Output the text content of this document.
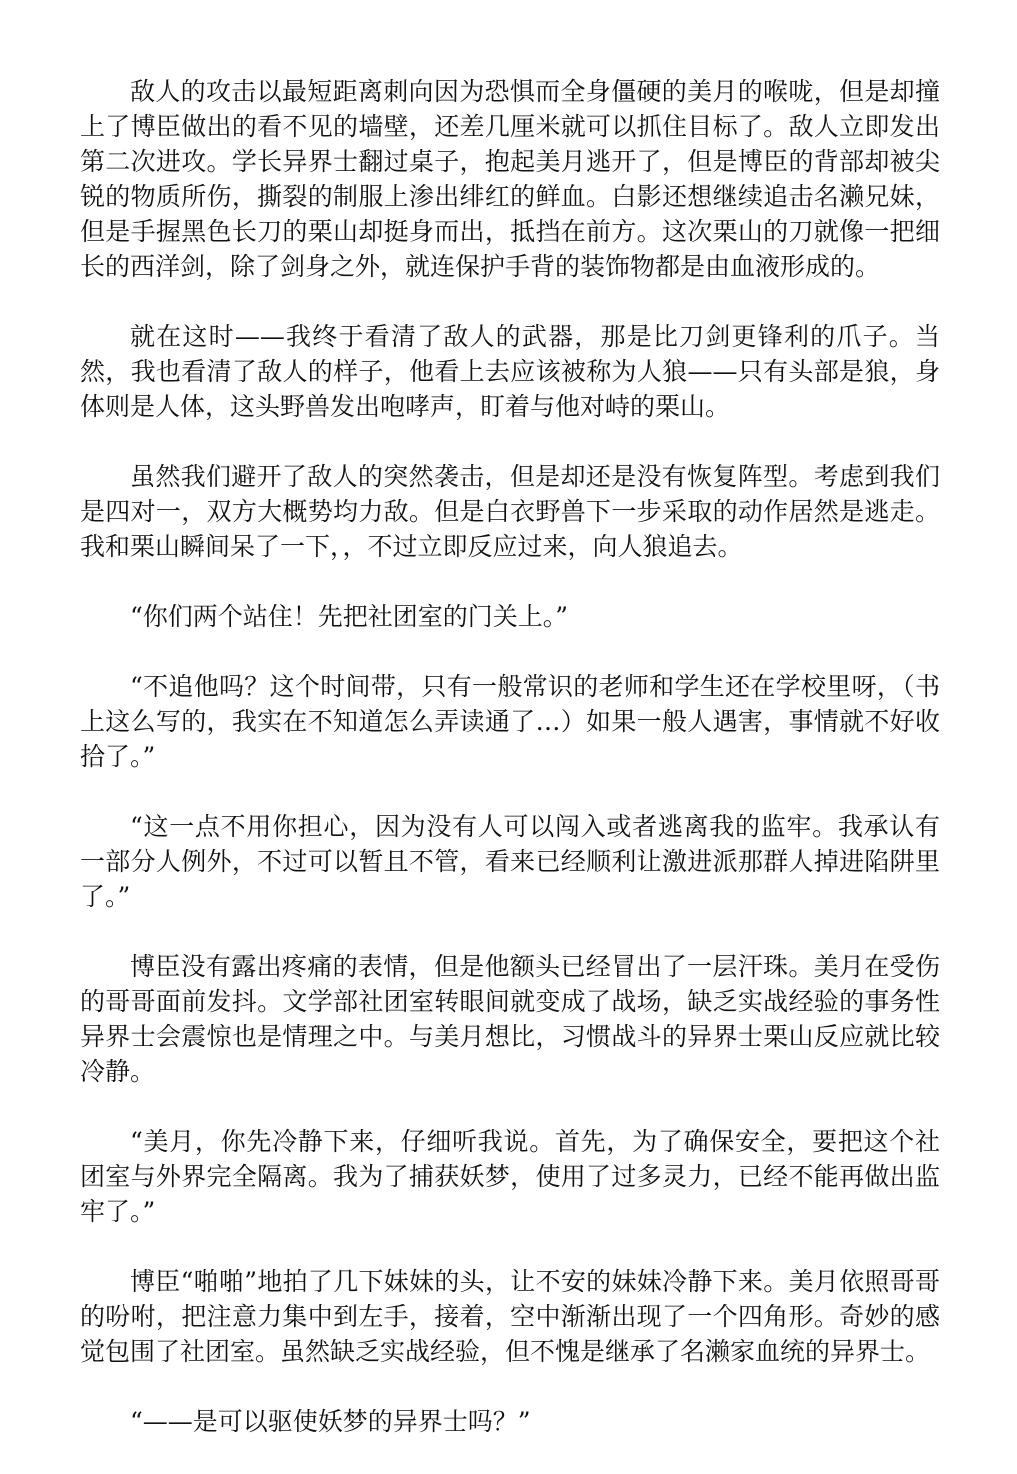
敌人的攻击以最短距离刺向因为恐惧而全身僵硬的美月的喉咙，但是却撞上了博臣做出的看不见的墙壁，还差几厘米就可以抓住目标了。敌人立即发出第二次进攻。学长异界士翻过桌子，抱起美月逃开了，但是博臣的背部却被尖锐的物质所伤，撕裂的制服上渗出绯红的鲜血。白影还想继续追击名濑兄妹，但是手握黑色长刀的栗山却挺身而出，抵挡在前方。这次栗山的刀就像一把细长的西洋剑，除了剑身之外，就连保护手背的装饰物都是由血液形成的。

就在这时——我终于看清了敌人的武器，那是比刀剑更锋利的爪子。当然，我也看清了敌人的样子，他看上去应该被称为人狼——只有头部是狼，身体则是人体，这头野兽发出咆哮声，盯着与他对峙的栗山。

虽然我们避开了敌人的突然袭击，但是却还是没有恢复阵型。考虑到我们是四对一，双方大概势均力敌。但是白衣野兽下一步采取的动作居然是逃走。我和栗山瞬间呆了一下，，不过立即反应过来，向人狼追去。

“你们两个站住！先把社团室的门关上。”

“不追他吗？这个时间带，只有一般常识的老师和学生还在学校里呀，（书上这么写的，我实在不知道怎么弄读通了…）如果一般人遇害，事情就不好收拾了。”

“这一点不用你担心，因为没有人可以闯入或者逃离我的监牢。我承认有一部分人例外，不过可以暂且不管，看来已经顺利让激进派那群人掉进陷阱里了。”

博臣没有露出疼痛的表情，但是他额头已经冒出了一层汗珠。美月在受伤的哥哥面前发抖。文学部社团室转眼间就变成了战场，缺乏实战经验的事务性异界士会震惊也是情理之中。与美月想比，习惯战斗的异界士栗山反应就比较冷静。

“美月，你先冷静下来，仔细听我说。首先，为了确保安全，要把这个社团室与外界完全隔离。我为了捕获妖梦，使用了过多灵力，已经不能再做出监牢了。”

博臣“啪啪”地拍了几下妹妹的头，让不安的妹妹冷静下来。美月依照哥哥的吩咐，把注意力集中到左手，接着，空中渐渐出现了一个四角形。奇妙的感觉包围了社团室。虽然缺乏实战经验，但不愧是继承了名濑家血统的异界士。

“——是可以驱使妖梦的异界士吗？”
